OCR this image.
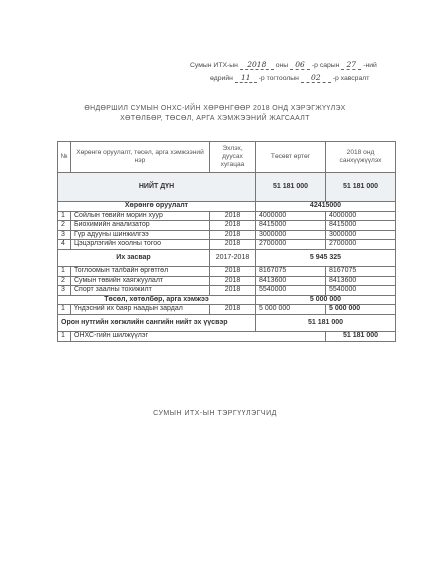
Сумын ИТХ-ын 2018 оны 06 -р сарын 27 -ний
өдрийн 11 -р тогтоолын 02 -р хавсралт
ӨНДӨРШИЛ СУМЫН ОНХС-ИЙН ХӨРӨНГӨӨР 2018 ОНД ХЭРЭГЖҮҮЛЭХ
ХӨТӨЛБӨР, ТӨСӨЛ, АРГА ХЭМЖЭЭНИЙ ЖАГСААЛТ
№	Хөрөнгө оруулалт, төсөл, арга хэмжээний нэр	Эхлэх, дуусах хугацаа	Төсөвт өртөг	2018 онд санхүүжүүлэх
НИЙТ ДҮН			51 181 000	51 181 000
Хөрөнгө оруулалт			42415000	
1	Сойлын төвийн морин хуур	2018	4000000	4000000
2	Биохимийн анализатор	2018	8415000	8415000
3	Гүр адууны шинжилгээ	2018	3000000	3000000
4	Цэцэрлэгийн хоолны тогоо	2018	2700000	2700000
Их засвар		2017-2018	5 945 325	
1	Тоглоомын талбайн өргөтгөл	2018	8167075	8167075
2	Сумын төвийн хаягжуулалт	2018	8413600	8413600
3	Спорт заалны тохижилт	2018	5540000	5540000
Төсөл, хөтөлбөр, арга хэмжээ			5 000 000	
1	Үндэсний их баяр наадын зардал	2018	5 000 000	5 000 000
Орон нутгийн хөгжлийн сангийн нийт эх үүсвэр			51 181 000	
1	ОНХС-гийн шилжүүлэг			51 181 000
СУМЫН ИТХ-ЫН ТЭРГҮҮЛЭГЧИД
